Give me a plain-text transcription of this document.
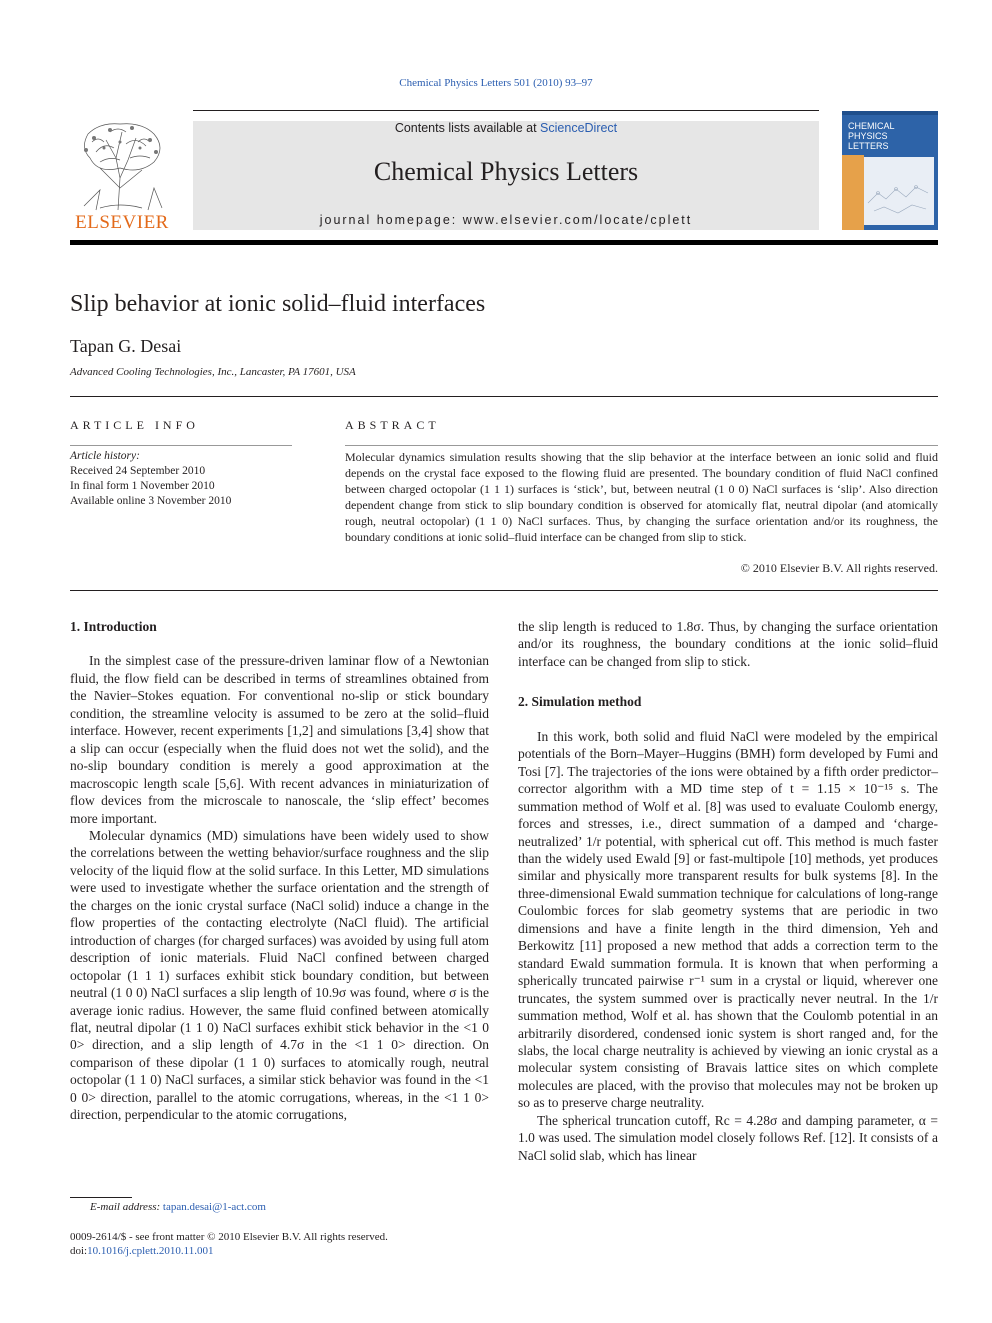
Chemical Physics Letters 501 (2010) 93–97
ELSEVIER
Contents lists available at ScienceDirect
Chemical Physics Letters
journal homepage: www.elsevier.com/locate/cplett
CHEMICAL
PHYSICS
LETTERS
Slip behavior at ionic solid–fluid interfaces
Tapan G. Desai
Advanced Cooling Technologies, Inc., Lancaster, PA 17601, USA
ARTICLE INFO
Article history:
Received 24 September 2010
In final form 1 November 2010
Available online 3 November 2010
ABSTRACT
Molecular dynamics simulation results showing that the slip behavior at the interface between an ionic solid and fluid depends on the crystal face exposed to the flowing fluid are presented. The boundary condition of fluid NaCl confined between charged octopolar (1 1 1) surfaces is ‘stick’, but, between neutral (1 0 0) NaCl surfaces is ‘slip’. Also direction dependent change from stick to slip boundary condition is observed for atomically flat, neutral dipolar (and atomically rough, neutral octopolar) (1 1 0) NaCl surfaces. Thus, by changing the surface orientation and/or its roughness, the boundary conditions at ionic solid–fluid interface can be changed from slip to stick.
© 2010 Elsevier B.V. All rights reserved.
1. Introduction

In the simplest case of the pressure-driven laminar flow of a Newtonian fluid, the flow field can be described in terms of streamlines obtained from the Navier–Stokes equation. For conventional no-slip or stick boundary condition, the streamline velocity is assumed to be zero at the solid–fluid interface. However, recent experiments [1,2] and simulations [3,4] show that a slip can occur (especially when the fluid does not wet the solid), and the no-slip boundary condition is merely a good approximation at the macroscopic length scale [5,6]. With recent advances in miniaturization of flow devices from the microscale to nanoscale, the ‘slip effect’ becomes more important.

Molecular dynamics (MD) simulations have been widely used to show the correlations between the wetting behavior/surface roughness and the slip velocity of the liquid flow at the solid surface. In this Letter, MD simulations were used to investigate whether the surface orientation and the strength of the charges on the ionic crystal surface (NaCl solid) induce a change in the flow properties of the contacting electrolyte (NaCl fluid). The artificial introduction of charges (for charged surfaces) was avoided by using full atom description of ionic materials. Fluid NaCl confined between charged octopolar (1 1 1) surfaces exhibit stick boundary condition, but between neutral (1 0 0) NaCl surfaces a slip length of 10.9σ was found, where σ is the average ionic radius. However, the same fluid confined between atomically flat, neutral dipolar (1 1 0) NaCl surfaces exhibit stick behavior in the <1 0 0> direction, and a slip length of 4.7σ in the <1 1 0> direction. On comparison of these dipolar (1 1 0) surfaces to atomically rough, neutral octopolar (1 1 0) NaCl surfaces, a similar stick behavior was found in the <1 0 0> direction, parallel to the atomic corrugations, whereas, in the <1 1 0> direction, perpendicular to the atomic corrugations,

the slip length is reduced to 1.8σ. Thus, by changing the surface orientation and/or its roughness, the boundary conditions at the ionic solid–fluid interface can be changed from slip to stick.

2. Simulation method

In this work, both solid and fluid NaCl were modeled by the empirical potentials of the Born–Mayer–Huggins (BMH) form developed by Fumi and Tosi [7]. The trajectories of the ions were obtained by a fifth order predictor–corrector algorithm with a MD time step of t = 1.15 × 10⁻¹⁵ s. The summation method of Wolf et al. [8] was used to evaluate Coulomb energy, forces and stresses, i.e., direct summation of a damped and ‘charge-neutralized’ 1/r potential, with spherical cut off. This method is much faster than the widely used Ewald [9] or fast-multipole [10] methods, yet produces similar and physically more transparent results for bulk systems [8]. In the three-dimensional Ewald summation technique for calculations of long-range Coulombic forces for slab geometry systems that are periodic in two dimensions and have a finite length in the third dimension, Yeh and Berkowitz [11] proposed a new method that adds a correction term to the standard Ewald summation formula. It is known that when performing a spherically truncated pairwise r⁻¹ sum in a crystal or liquid, wherever one truncates, the system summed over is practically never neutral. In the 1/r summation method, Wolf et al. has shown that the Coulomb potential in an arbitrarily disordered, condensed ionic system is short ranged and, for the slabs, the local charge neutrality is achieved by viewing an ionic crystal as a molecular system consisting of Bravais lattice sites on which complete molecules are placed, with the proviso that molecules may not be broken up so as to preserve charge neutrality.

The spherical truncation cutoff, Rc = 4.28σ and damping parameter, α = 1.0 was used. The simulation model closely follows Ref. [12]. It consists of a NaCl solid slab, which has linear

E-mail address: tapan.desai@1-act.com
0009-2614/$ - see front matter © 2010 Elsevier B.V. All rights reserved.
doi:10.1016/j.cplett.2010.11.001
